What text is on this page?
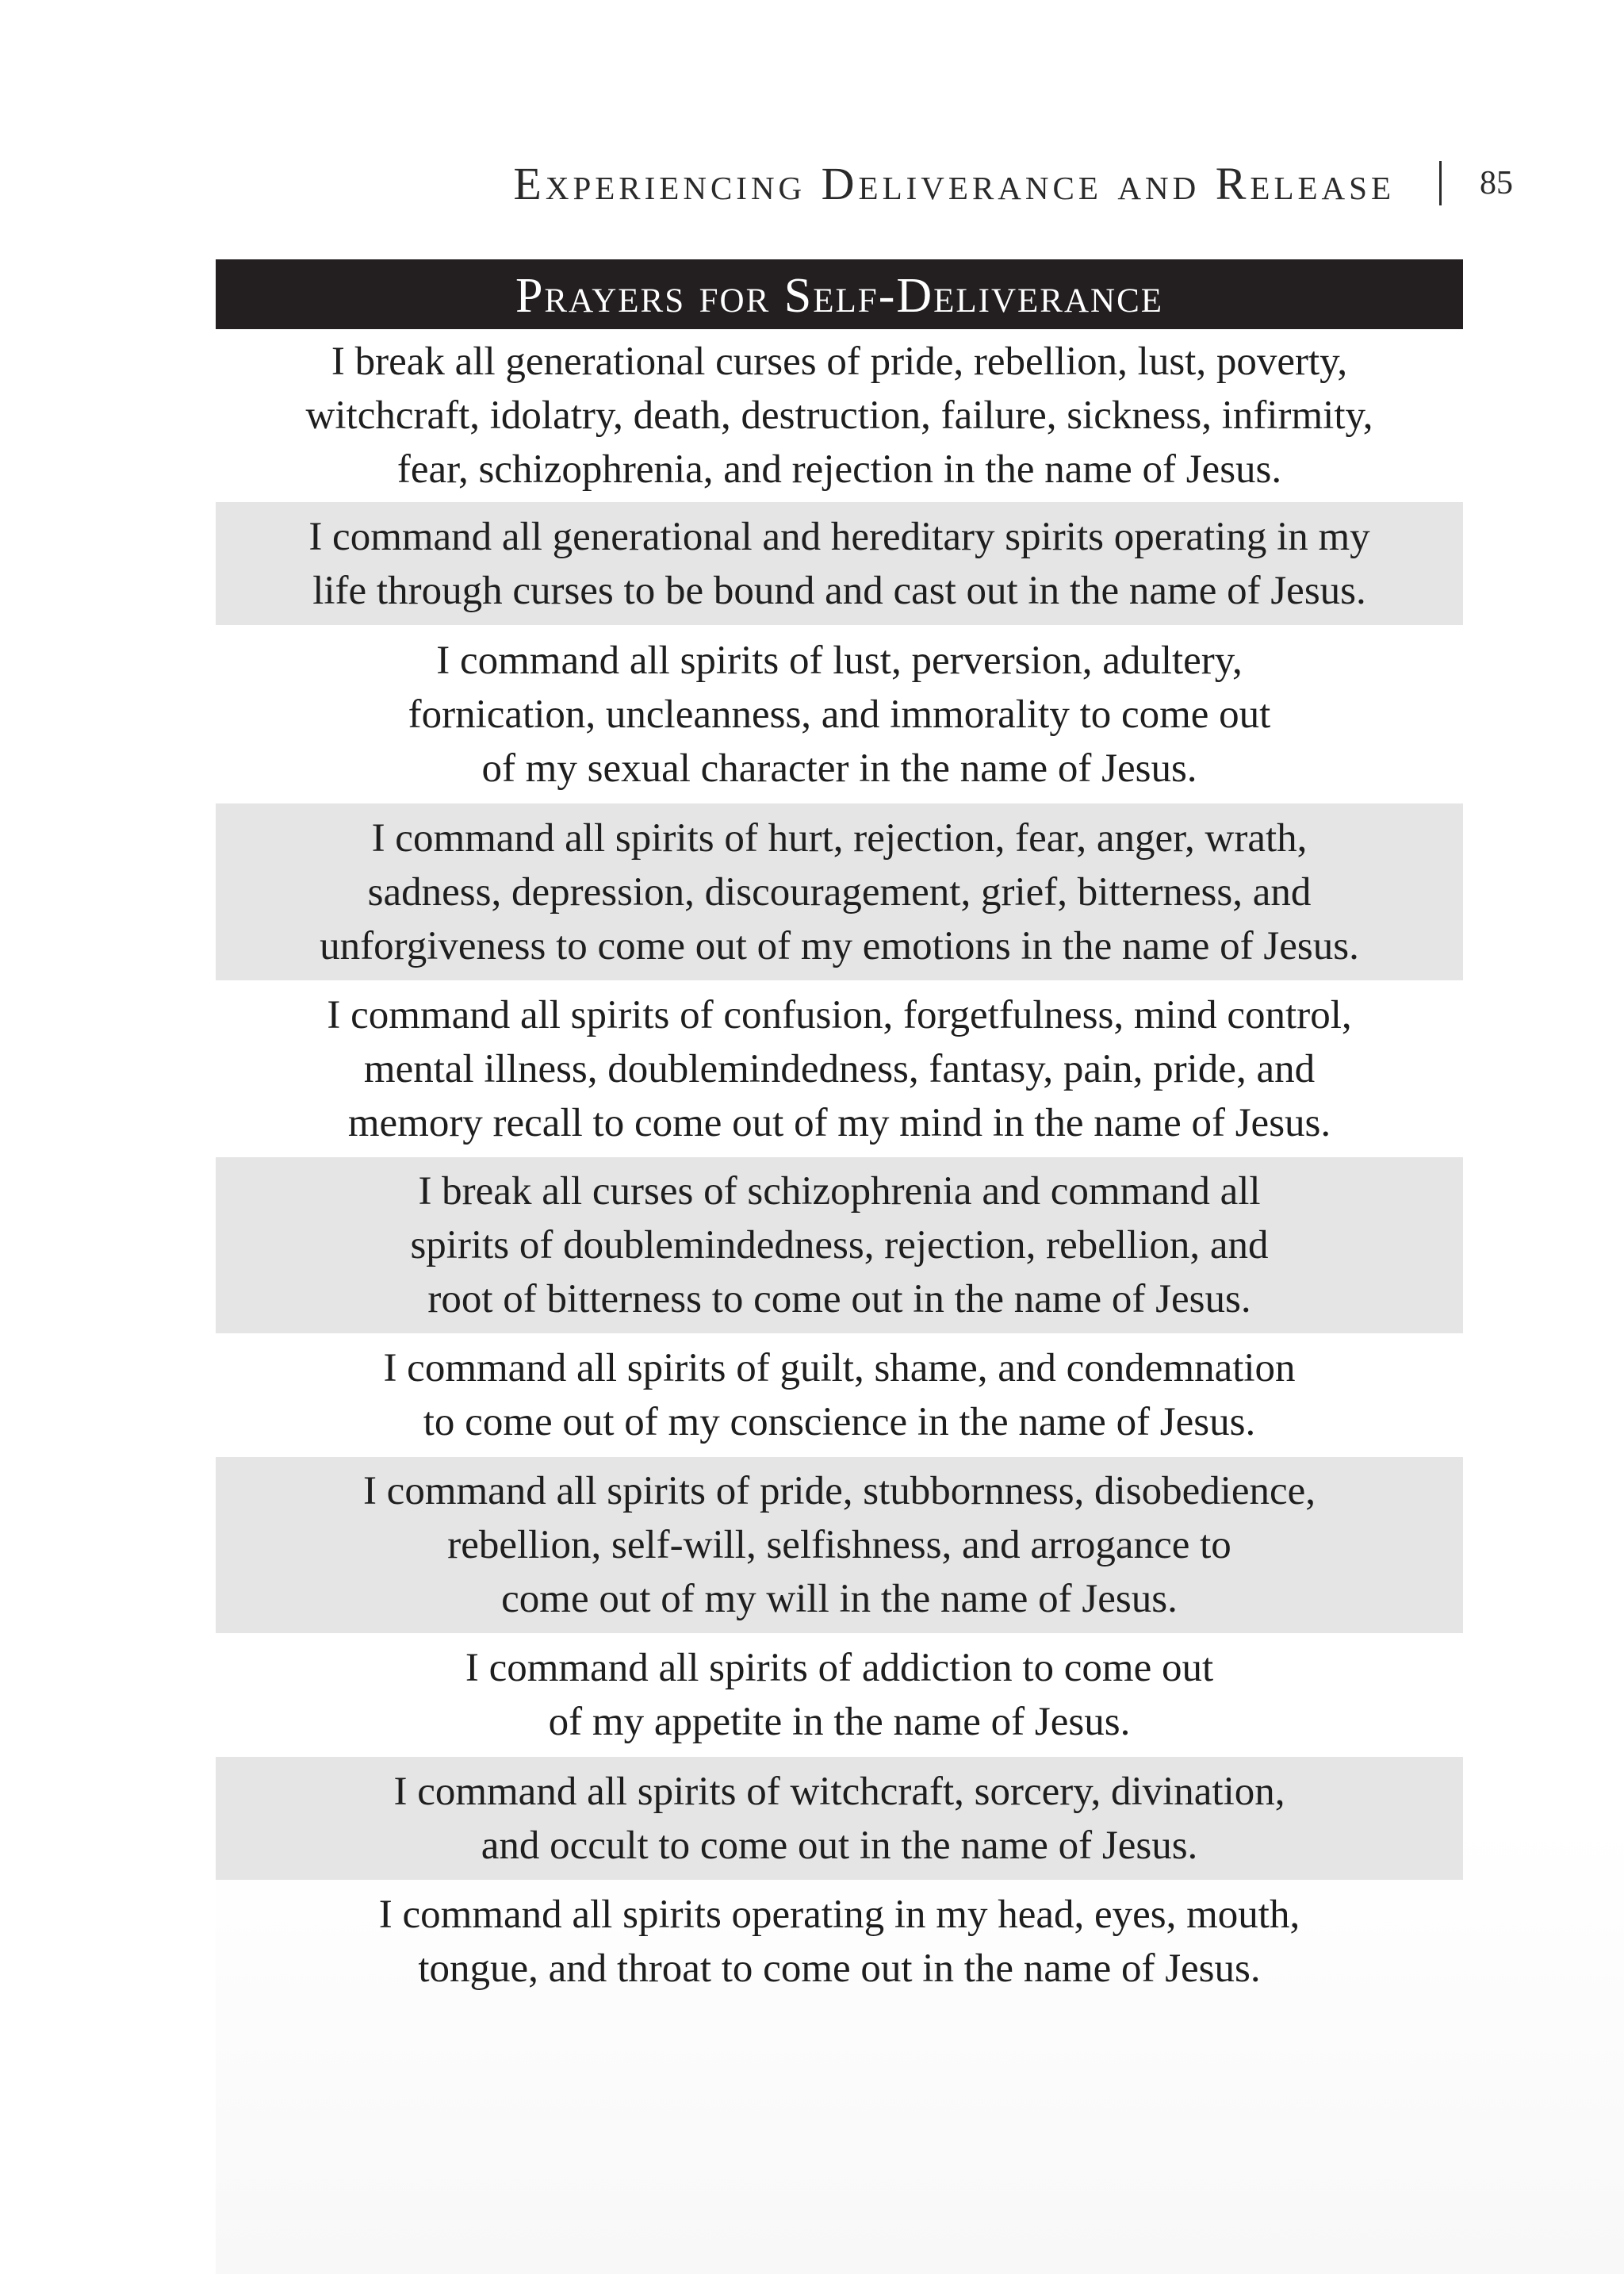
Experiencing Deliverance and Release	85
Prayers for Self-Deliverance
I break all generational curses of pride, rebellion, lust, poverty,
witchcraft, idolatry, death, destruction, failure, sickness, infirmity,
fear, schizophrenia, and rejection in the name of Jesus.
I command all generational and hereditary spirits operating in my
life through curses to be bound and cast out in the name of Jesus.
I command all spirits of lust, perversion, adultery,
fornication, uncleanness, and immorality to come out
of my sexual character in the name of Jesus.
I command all spirits of hurt, rejection, fear, anger, wrath,
sadness, depression, discouragement, grief, bitterness, and
unforgiveness to come out of my emotions in the name of Jesus.
I command all spirits of confusion, forgetfulness, mind control,
mental illness, doublemindedness, fantasy, pain, pride, and
memory recall to come out of my mind in the name of Jesus.
I break all curses of schizophrenia and command all
spirits of doublemindedness, rejection, rebellion, and
root of bitterness to come out in the name of Jesus.
I command all spirits of guilt, shame, and condemnation
to come out of my conscience in the name of Jesus.
I command all spirits of pride, stubbornness, disobedience,
rebellion, self-will, selfishness, and arrogance to
come out of my will in the name of Jesus.
I command all spirits of addiction to come out
of my appetite in the name of Jesus.
I command all spirits of witchcraft, sorcery, divination,
and occult to come out in the name of Jesus.
I command all spirits operating in my head, eyes, mouth,
tongue, and throat to come out in the name of Jesus.
